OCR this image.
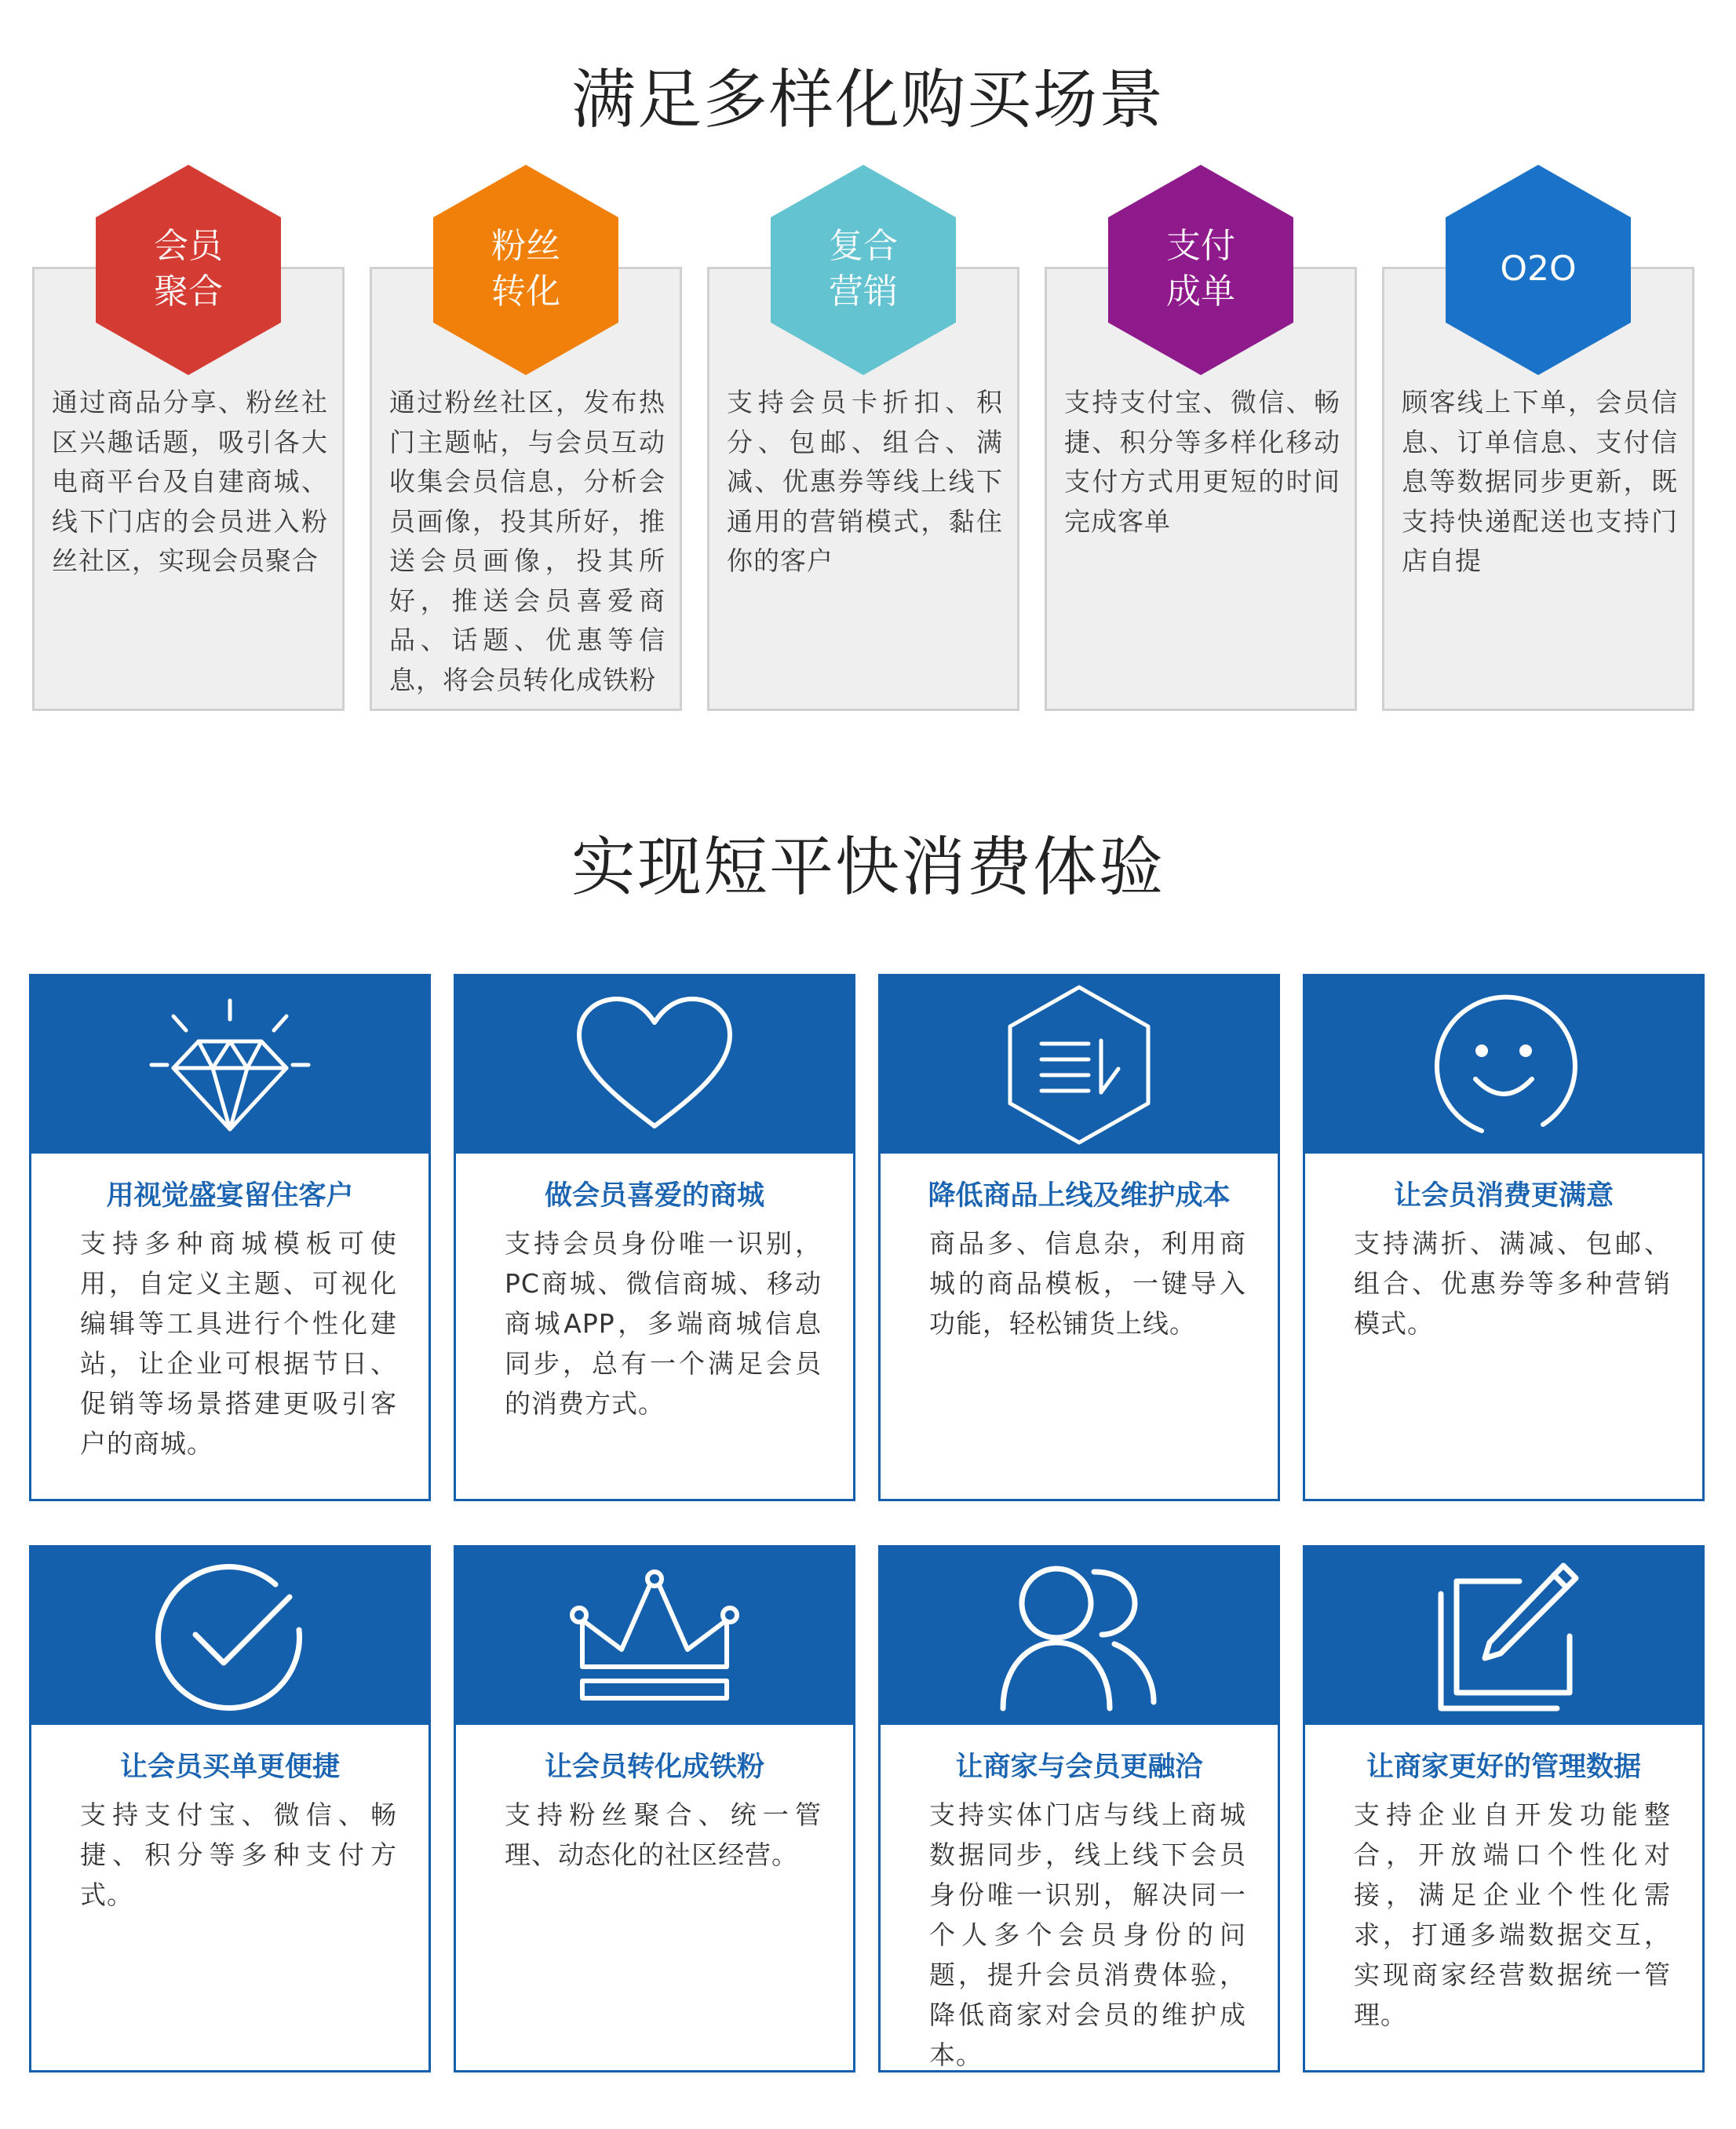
满足多样化购买场景
通过商品分享、粉丝社区兴趣话题，吸引各大电商平台及自建商城、线下门店的会员进入粉丝社区，实现会员聚合
通过粉丝社区，发布热门主题帖，与会员互动收集会员信息，分析会员画像，投其所好，推送会员画像，投其所好，推送会员喜爱商品、话题、优惠等信息，将会员转化成铁粉
支持会员卡折扣、积分、包邮、组合、满减、优惠券等线上线下通用的营销模式，黏住你的客户
支持支付宝、微信、畅捷、积分等多样化移动支付方式用更短的时间完成客单
顾客线上下单，会员信息、订单信息、支付信息等数据同步更新，既支持快递配送也支持门店自提
会员
聚合
粉丝
转化
复合
营销
支付
成单
O2O
实现短平快消费体验
用视觉盛宴留住客户
支持多种商城模板可使用，自定义主题、可视化编辑等工具进行个性化建站，让企业可根据节日、促销等场景搭建更吸引客户的商城。
做会员喜爱的商城
支持会员身份唯一识别，PC商城、微信商城、移动商城APP，多端商城信息同步，总有一个满足会员的消费方式。
降低商品上线及维护成本
商品多、信息杂，利用商城的商品模板，一键导入功能，轻松铺货上线。
让会员消费更满意
支持满折、满减、包邮、组合、优惠券等多种营销模式。
让会员买单更便捷
支持支付宝、微信、畅捷、积分等多种支付方式。
让会员转化成铁粉
支持粉丝聚合、统一管理、动态化的社区经营。
让商家与会员更融洽
支持实体门店与线上商城数据同步，线上线下会员身份唯一识别，解决同一个人多个会员身份的问题，提升会员消费体验，降低商家对会员的维护成本。
让商家更好的管理数据
支持企业自开发功能整合，开放端口个性化对接，满足企业个性化需求，打通多端数据交互，实现商家经营数据统一管理。
